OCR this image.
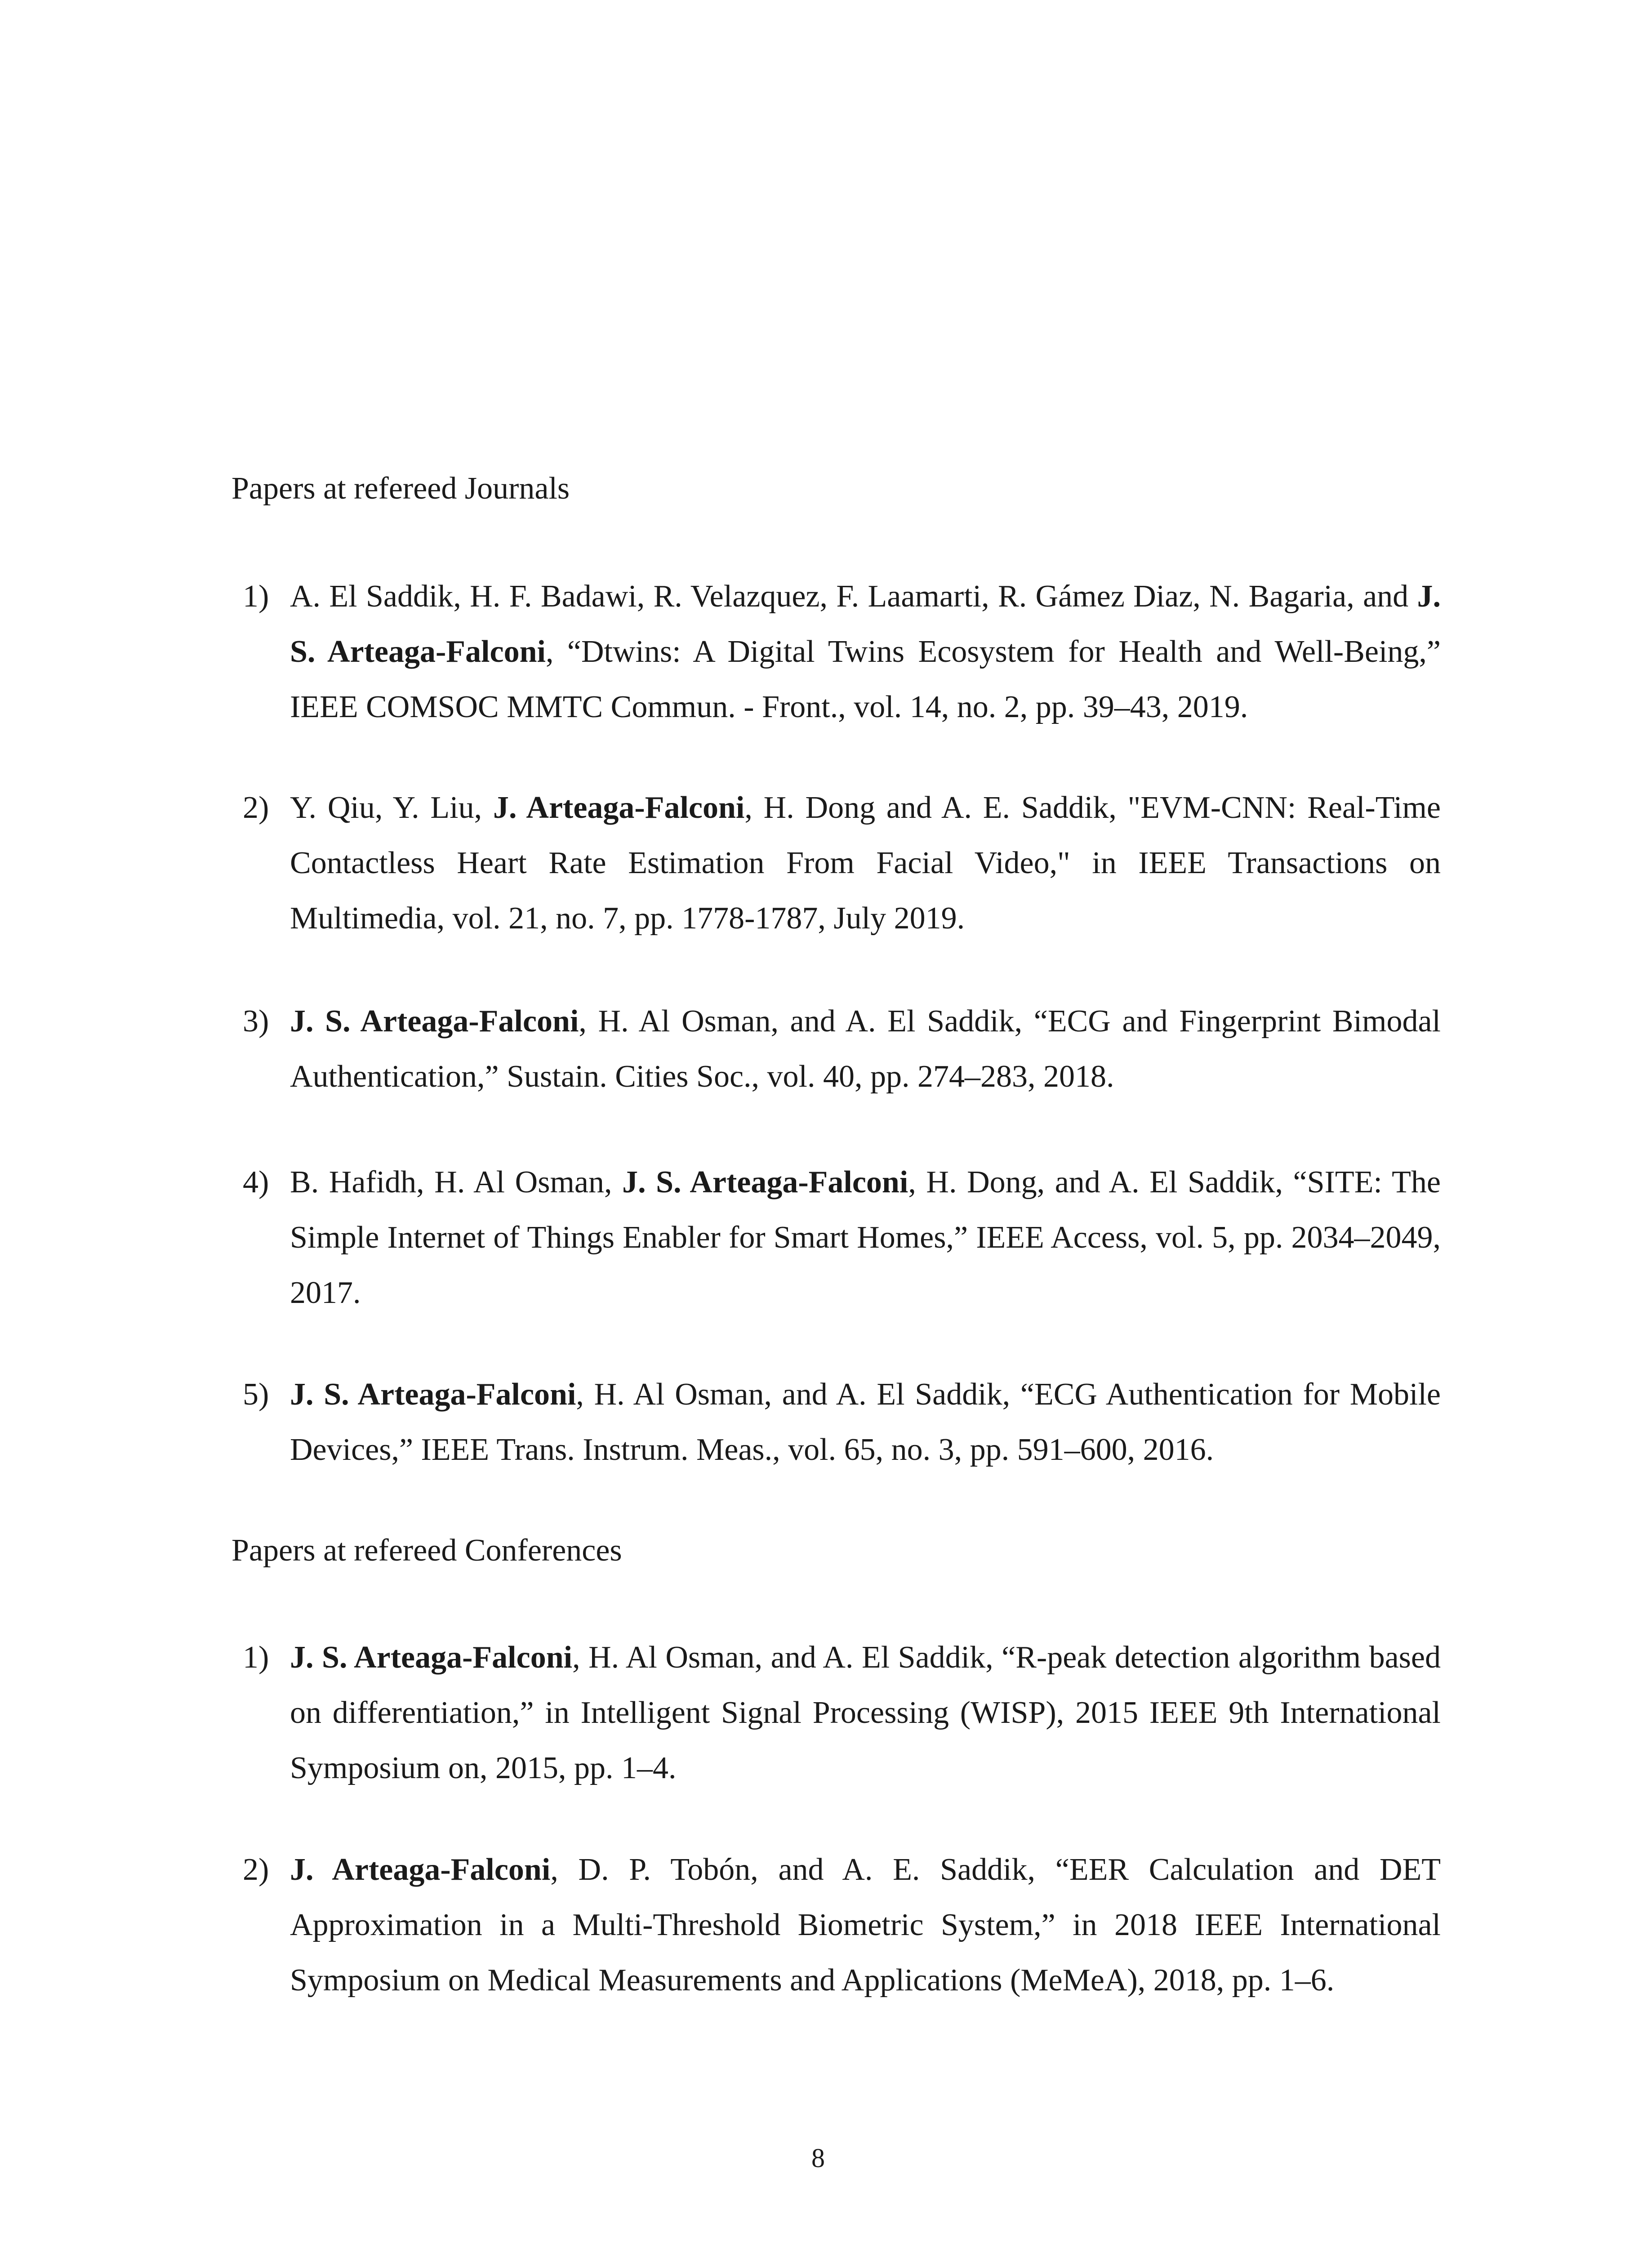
Papers at refereed Journals
1) A. El Saddik, H. F. Badawi, R. Velazquez, F. Laamarti, R. Gámez Diaz, N. Bagaria, and J. S. Arteaga-Falconi, “Dtwins: A Digital Twins Ecosystem for Health and Well-Being,” IEEE COMSOC MMTC Commun. - Front., vol. 14, no. 2, pp. 39–43, 2019.
2) Y. Qiu, Y. Liu, J. Arteaga-Falconi, H. Dong and A. E. Saddik, "EVM-CNN: Real-Time Contactless Heart Rate Estimation From Facial Video," in IEEE Transactions on Multimedia, vol. 21, no. 7, pp. 1778-1787, July 2019.
3) J. S. Arteaga-Falconi, H. Al Osman, and A. El Saddik, “ECG and Fingerprint Bimodal Authentication,” Sustain. Cities Soc., vol. 40, pp. 274–283, 2018.
4) B. Hafidh, H. Al Osman, J. S. Arteaga-Falconi, H. Dong, and A. El Saddik, “SITE: The Simple Internet of Things Enabler for Smart Homes,” IEEE Access, vol. 5, pp. 2034–2049, 2017.
5) J. S. Arteaga-Falconi, H. Al Osman, and A. El Saddik, “ECG Authentication for Mobile Devices,” IEEE Trans. Instrum. Meas., vol. 65, no. 3, pp. 591–600, 2016.
Papers at refereed Conferences
1) J. S. Arteaga-Falconi, H. Al Osman, and A. El Saddik, “R-peak detection algorithm based on differentiation,” in Intelligent Signal Processing (WISP), 2015 IEEE 9th International Symposium on, 2015, pp. 1–4.
2) J. Arteaga-Falconi, D. P. Tobón, and A. E. Saddik, “EER Calculation and DET Approximation in a Multi-Threshold Biometric System,” in 2018 IEEE International Symposium on Medical Measurements and Applications (MeMeA), 2018, pp. 1–6.
8
